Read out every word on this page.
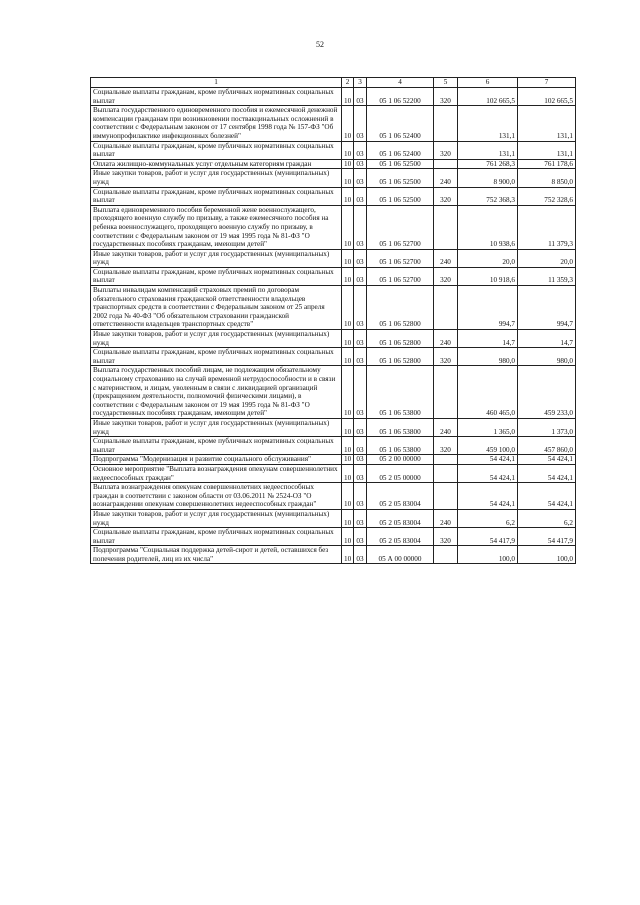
52
1	2	3	4	5	6	7
Социальные выплаты гражданам, кроме публичных нормативных социальных выплат	10	03	05 1 06 52200	320	102 665,5	102 665,5
Выплата государственного единовременного пособия и ежемесячной денежной компенсации гражданам при возникновении поствакцинальных осложнений в соответствии с Федеральным законом от 17 сентября 1998 года № 157-ФЗ "Об иммунопрофилактике инфекционных болезней"	10	03	05 1 06 52400		131,1	131,1
Социальные выплаты гражданам, кроме публичных нормативных социальных выплат	10	03	05 1 06 52400	320	131,1	131,1
Оплата жилищно-коммунальных услуг отдельным категориям граждан	10	03	05 1 06 52500		761 268,3	761 178,6
Иные закупки товаров, работ и услуг для государственных (муниципальных) нужд	10	03	05 1 06 52500	240	8 900,0	8 850,0
Социальные выплаты гражданам, кроме публичных нормативных социальных выплат	10	03	05 1 06 52500	320	752 368,3	752 328,6
Выплата единовременного пособия беременной жене военнослужащего, проходящего военную службу по призыву, а также ежемесячного пособия на ребенка военнослужащего, проходящего военную службу по призыву, в соответствии с Федеральным законом от 19 мая 1995 года № 81-ФЗ "О государственных пособиях гражданам, имеющим детей"	10	03	05 1 06 52700		10 938,6	11 379,3
Иные закупки товаров, работ и услуг для государственных (муниципальных) нужд	10	03	05 1 06 52700	240	20,0	20,0
Социальные выплаты гражданам, кроме публичных нормативных социальных выплат	10	03	05 1 06 52700	320	10 918,6	11 359,3
Выплаты инвалидам компенсаций страховых премий по договорам обязательного страхования гражданской ответственности владельцев транспортных средств в соответствии с Федеральным законом от 25 апреля 2002 года № 40-ФЗ "Об обязательном страховании гражданской ответственности владельцев транспортных средств"	10	03	05 1 06 52800		994,7	994,7
Иные закупки товаров, работ и услуг для государственных (муниципальных) нужд	10	03	05 1 06 52800	240	14,7	14,7
Социальные выплаты гражданам, кроме публичных нормативных социальных выплат	10	03	05 1 06 52800	320	980,0	980,0
Выплата государственных пособий лицам, не подлежащим обязательному социальному страхованию на случай временной нетрудоспособности и в связи с материнством, и лицам, уволенным в связи с ликвидацией организаций (прекращением деятельности, полномочий физическими лицами), в соответствии с Федеральным законом от 19 мая 1995 года № 81-ФЗ "О государственных пособиях гражданам, имеющим детей"	10	03	05 1 06 53800		460 465,0	459 233,0
Иные закупки товаров, работ и услуг для государственных (муниципальных) нужд	10	03	05 1 06 53800	240	1 365,0	1 373,0
Социальные выплаты гражданам, кроме публичных нормативных социальных выплат	10	03	05 1 06 53800	320	459 100,0	457 860,0
Подпрограмма "Модернизация и развитие социального обслуживания"	10	03	05 2 00 00000		54 424,1	54 424,1
Основное мероприятие "Выплата вознаграждения опекунам совершеннолетних недееспособных граждан"	10	03	05 2 05 00000		54 424,1	54 424,1
Выплата вознаграждения опекунам совершеннолетних недееспособных граждан в соответствии с законом области от 03.06.2011 № 2524-ОЗ "О вознаграждении опекунам совершеннолетних недееспособных граждан"	10	03	05 2 05 83004		54 424,1	54 424,1
Иные закупки товаров, работ и услуг для государственных (муниципальных) нужд	10	03	05 2 05 83004	240	6,2	6,2
Социальные выплаты гражданам, кроме публичных нормативных социальных выплат	10	03	05 2 05 83004	320	54 417,9	54 417,9
Подпрограмма "Социальная поддержка детей-сирот и детей, оставшихся без попечения родителей, лиц из их числа"	10	03	05 А 00 00000		100,0	100,0
